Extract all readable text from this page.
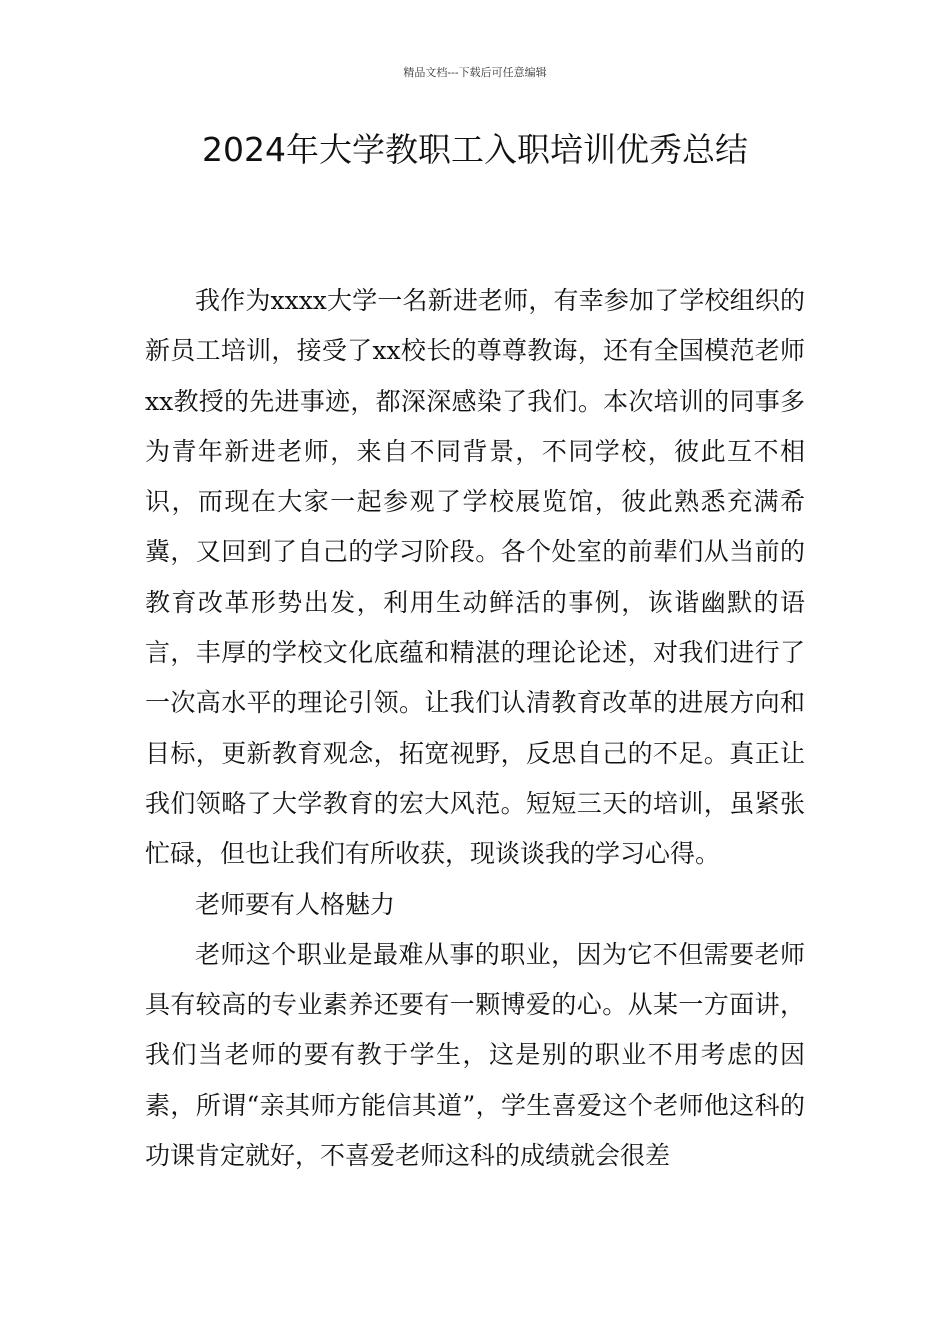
精品文档---下载后可任意编辑
2024年大学教职工入职培训优秀总结

我作为xxxx大学一名新进老师，有幸参加了学校组织的新员工培训，接受了xx校长的尊尊教诲，还有全国模范老师xx教授的先进事迹，都深深感染了我们。本次培训的同事多为青年新进老师，来自不同背景，不同学校，彼此互不相识，而现在大家一起参观了学校展览馆，彼此熟悉充满希冀，又回到了自己的学习阶段。各个处室的前辈们从当前的教育改革形势出发，利用生动鲜活的事例，诙谐幽默的语言，丰厚的学校文化底蕴和精湛的理论论述，对我们进行了一次高水平的理论引领。让我们认清教育改革的进展方向和目标，更新教育观念，拓宽视野，反思自己的不足。真正让我们领略了大学教育的宏大风范。短短三天的培训，虽紧张忙碌，但也让我们有所收获，现谈谈我的学习心得。

老师要有人格魅力

老师这个职业是最难从事的职业，因为它不但需要老师具有较高的专业素养还要有一颗博爱的心。从某一方面讲，我们当老师的要有教于学生，这是别的职业不用考虑的因素，所谓“亲其师方能信其道”，学生喜爱这个老师他这科的功课肯定就好，不喜爱老师这科的成绩就会很差
